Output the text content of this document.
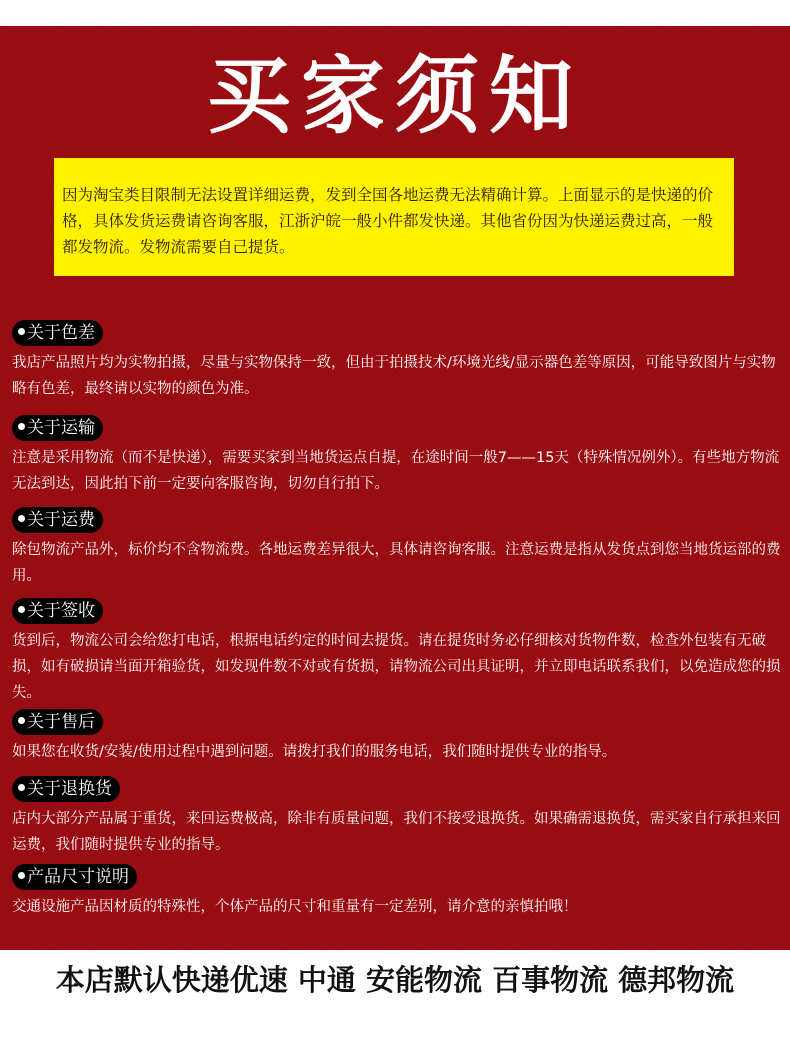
买家须知
因为淘宝类目限制无法设置详细运费，发到全国各地运费无法精确计算。上面显示的是快递的价格，具体发货运费请咨询客服，江浙沪皖一般小件都发快递。其他省份因为快递运费过高，一般都发物流。发物流需要自己提货。
关于色差

我店产品照片均为实物拍摄，尽量与实物保持一致，但由于拍摄技术/环境光线/显示器色差等原因，可能导致图片与实物略有色差，最终请以实物的颜色为准。

关于运输

注意是采用物流（而不是快递），需要买家到当地货运点自提，在途时间一般7——15天（特殊情况例外）。有些地方物流无法到达，因此拍下前一定要向客服咨询，切勿自行拍下。

关于运费

除包物流产品外，标价均不含物流费。各地运费差异很大，具体请咨询客服。注意运费是指从发货点到您当地货运部的费用。

关于签收

货到后，物流公司会给您打电话，根据电话约定的时间去提货。请在提货时务必仔细核对货物件数，检查外包装有无破损，如有破损请当面开箱验货，如发现件数不对或有货损，请物流公司出具证明，并立即电话联系我们，以免造成您的损失。

关于售后

如果您在收货/安装/使用过程中遇到问题。请拨打我们的服务电话，我们随时提供专业的指导。

关于退换货

店内大部分产品属于重货，来回运费极高，除非有质量问题，我们不接受退换货。如果确需退换货，需买家自行承担来回运费，我们随时提供专业的指导。

产品尺寸说明

交通设施产品因材质的特殊性，个体产品的尺寸和重量有一定差别，请介意的亲慎拍哦！

本店默认快递优速 中通 安能物流 百事物流 德邦物流
